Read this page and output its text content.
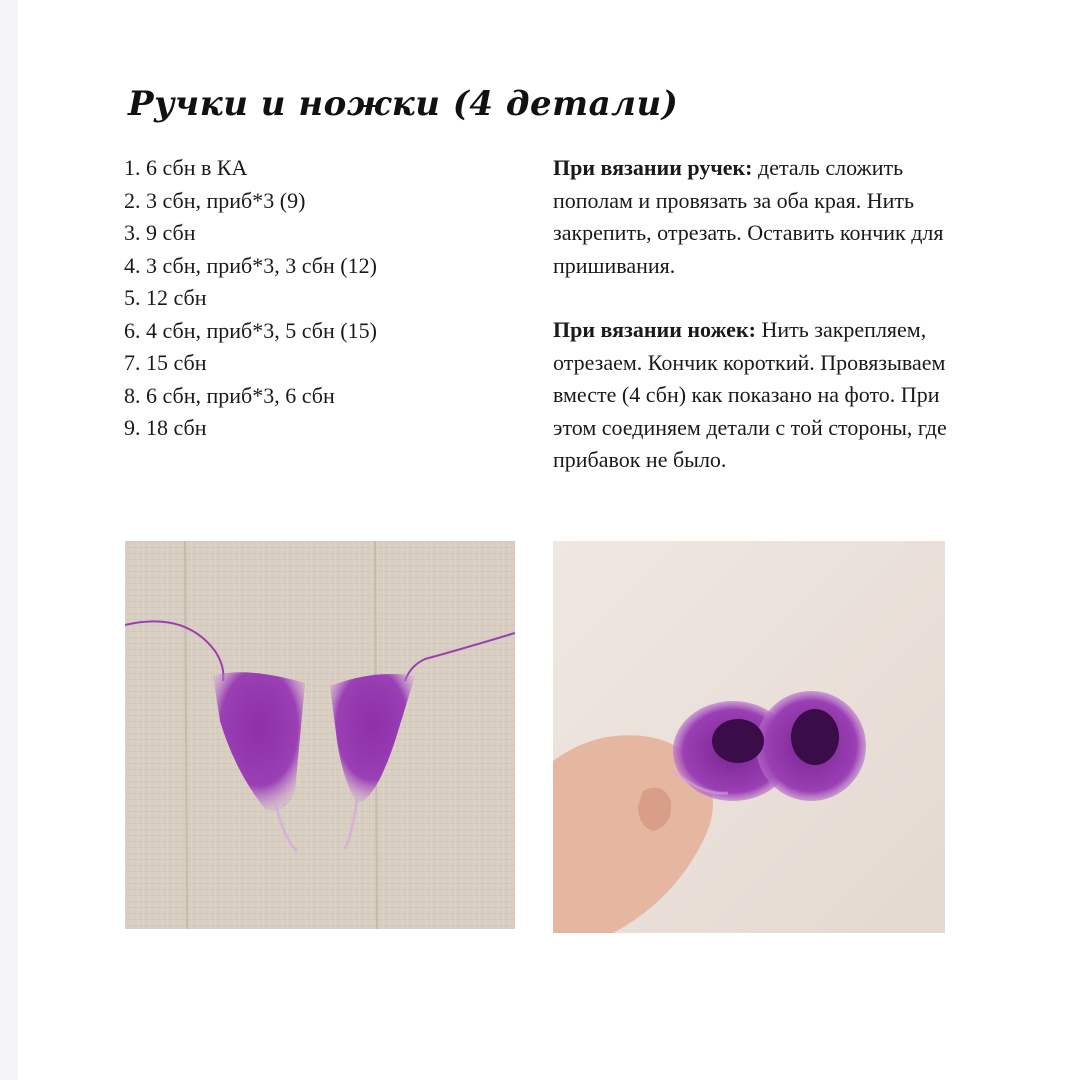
Ручки и ножки (4 детали)
1. 6 сбн в КА
2. 3 сбн, приб*3 (9)
3. 9 сбн
4. 3 сбн, приб*3, 3 сбн (12)
5. 12 сбн
6. 4 сбн, приб*3, 5 сбн (15)
7. 15 сбн
8. 6 сбн, приб*3, 6 сбн
9. 18 сбн

При вязании ручек: деталь сложить пополам и провязать за оба края. Нить закрепить, отрезать. Оставить кончик для пришивания.

При вязании ножек: Нить закрепляем, отрезаем. Кончик короткий. Провязываем вместе (4 сбн) как показано на фото. При этом соединяем детали с той стороны, где прибавок не было.
